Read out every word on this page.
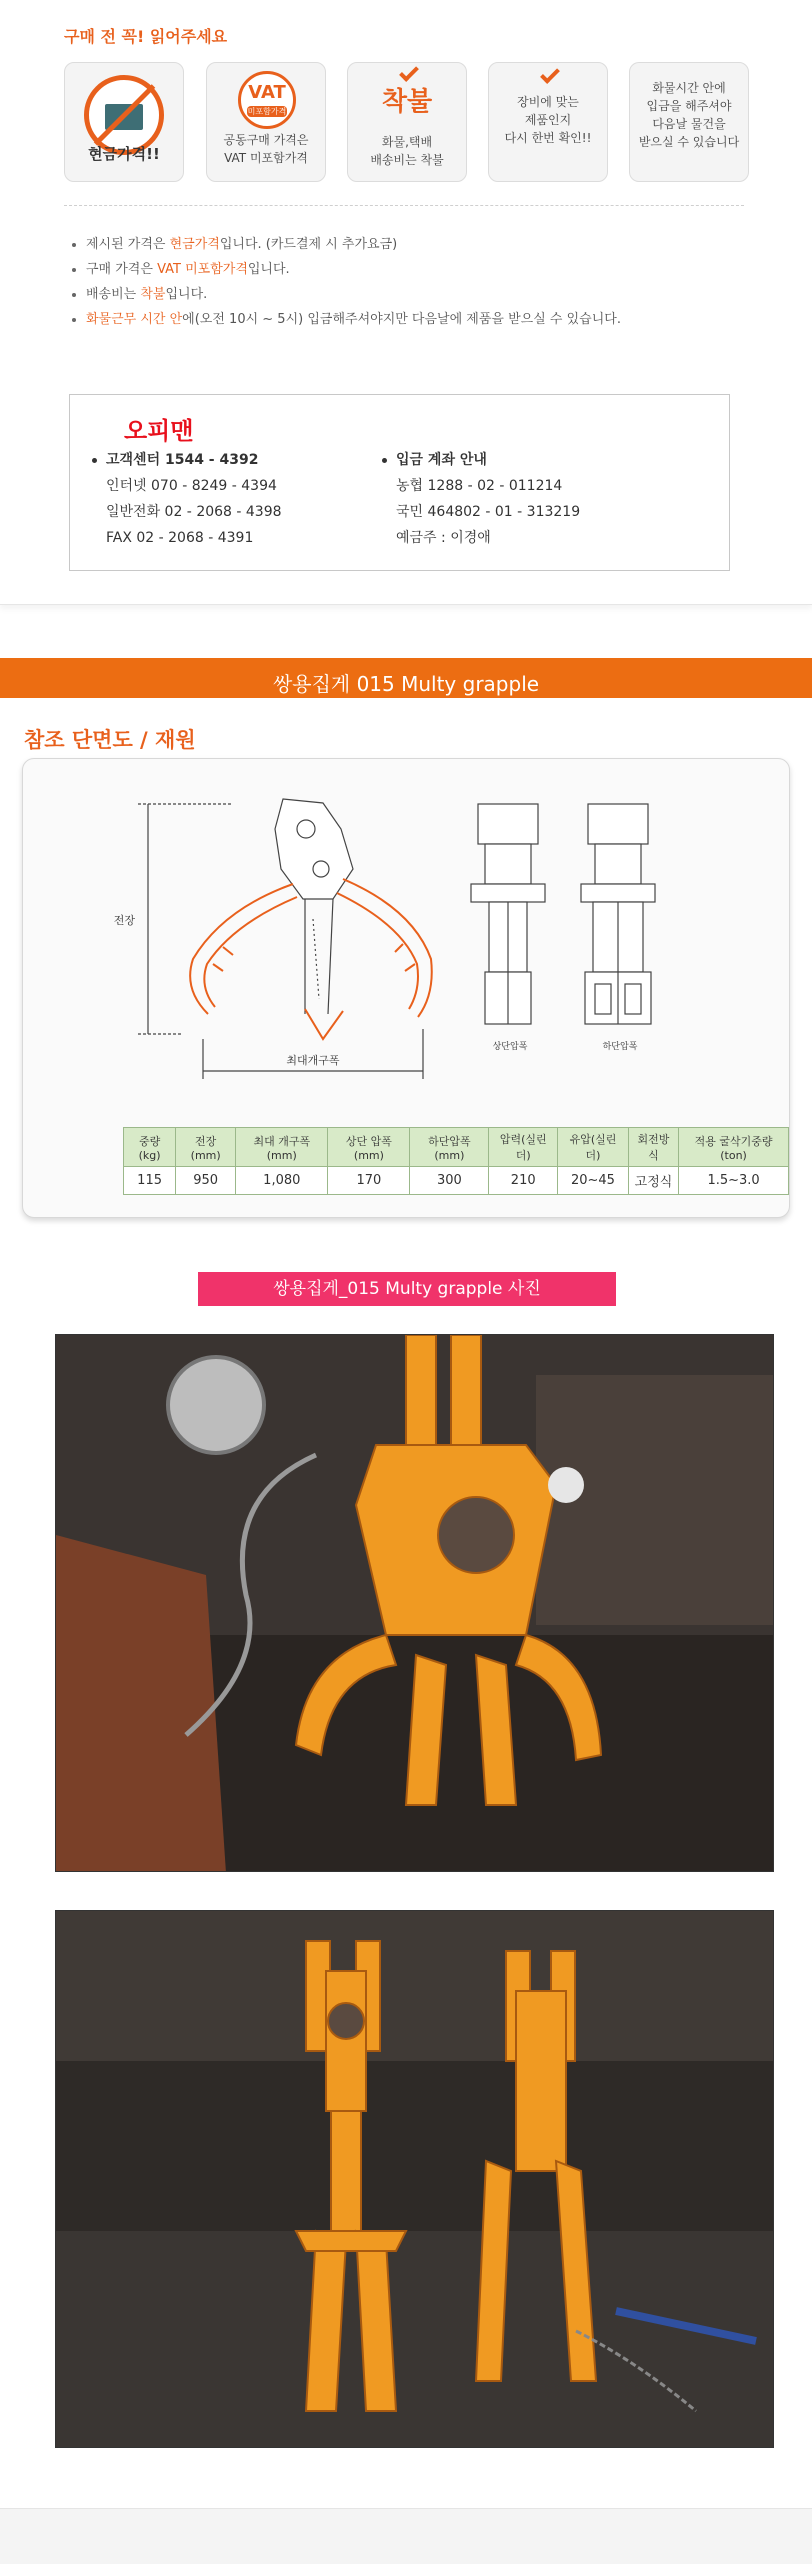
구매 전 꼭! 읽어주세요
현금가격!!
VAT
미포함가격
공동구매 가격은
VAT 미포함가격
착불
화물,택배
배송비는 착불
장비에 맞는
제품인지
다시 한번 확인!!
화물시간 안에
입금을 해주셔야
다음날 물건을
받으실 수 있습니다
제시된 가격은 현금가격입니다. (카드결제 시 추가요금)
구매 가격은 VAT 미포함가격입니다.
배송비는 착불입니다.
화물근무 시간 안에(오전 10시 ~ 5시) 입금해주셔야지만 다음날에 제품을 받으실 수 있습니다.
오피맨
고객센터 1544 - 4392
인터넷 070 - 8249 - 4394
일반전화 02 - 2068 - 4398
FAX 02 - 2068 - 4391
입금 계좌 안내
농협 1288 - 02 - 011214
국민 464802 - 01 - 313219
예금주 : 이경애
쌍용집게 015 Multy grapple
참조 단면도 / 재원
전장
최대개구폭
상단압폭	하단압폭
중량(kg)	전장(mm)	최대 개구폭(mm)	상단 압폭(mm)	하단압폭(mm)	압력(실린더)	유압(실린더)	회전방식	적용 굴삭기중량(ton)
115	950	1,080	170	300	210	20~45	고정식	1.5~3.0
쌍용집게_015 Multy grapple 사진
